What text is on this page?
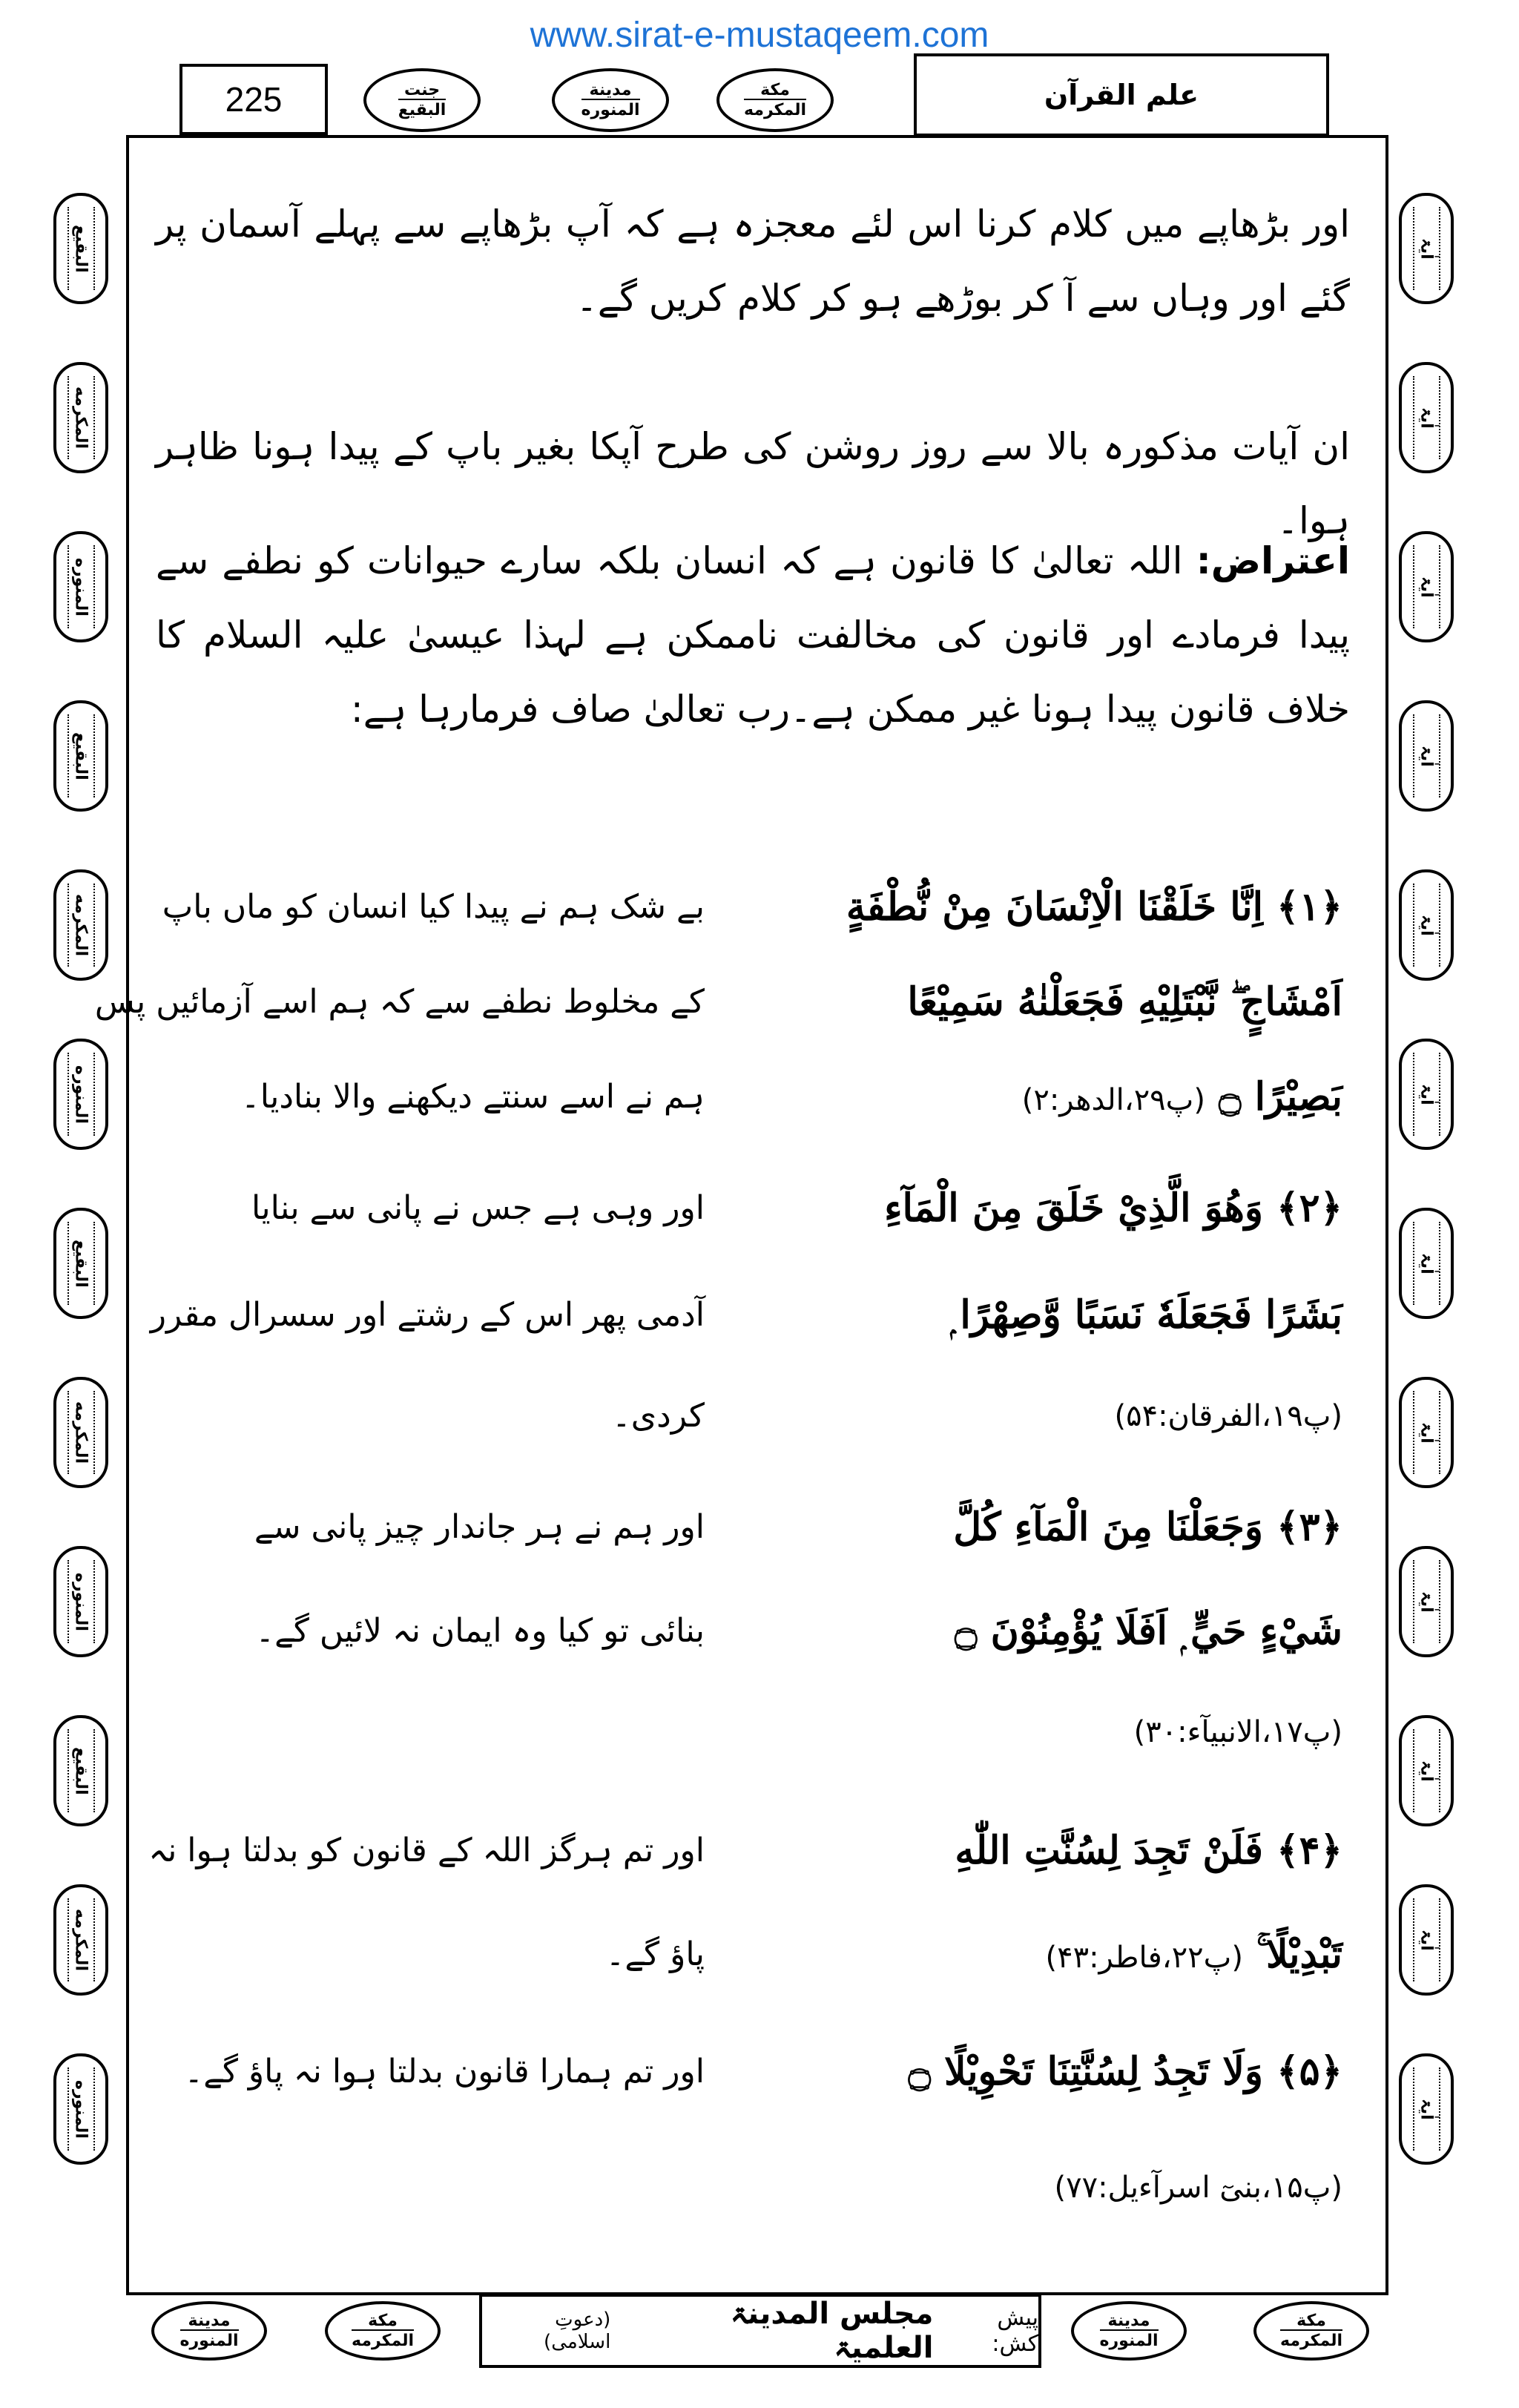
www.sirat-e-mustaqeem.com
225	جنت
البقيع
مدينة
المنوره
مكة
المكرمه	علم القرآن
البقيع
المكرمه
المنوره
البقيع
المكرمه
المنوره
البقيع
المكرمه
المنوره
البقيع
المكرمه
المنوره
اٰیۃ
اٰیۃ
اٰیۃ
اٰیۃ
اٰیۃ
اٰیۃ
اٰیۃ
اٰیۃ
اٰیۃ
اٰیۃ
اٰیۃ
اٰیۃ
اور بڑھاپے میں کلام کرنا اس لئے معجزہ ہے کہ آپ بڑھاپے سے پہلے آسمان پر گئے اور وہاں سے آ کر بوڑھے ہو کر کلام کریں گے۔
ان آیات مذکورہ بالا سے روز روشن کی طرح آپکا بغیر باپ کے پیدا ہونا ظاہر ہوا۔
اعتراض: اللہ تعالیٰ کا قانون ہے کہ انسان بلکہ سارے حیوانات کو نطفے سے پیدا فرمادے اور قانون کی مخالفت ناممکن ہے لہذا عیسیٰ علیہ السلام کا خلاف قانون پیدا ہونا غیر ممکن ہے۔رب تعالیٰ صاف فرمارہا ہے:
﴿۱﴾ اِنَّا خَلَقْنَا الْاِنْسَانَ مِنْ نُّطْفَةٍ
اَمْشَاجٍ ۖ نَّبْتَلِيْهِ فَجَعَلْنٰهُ سَمِيْعًا
بَصِيْرًا ۝ (پ۲۹،الدھر:۲)
بے شک ہم نے پیدا کیا انسان کو ماں باپ
کے مخلوط نطفے سے کہ ہم اسے آزمائیں پس
ہم نے اسے سنتے دیکھنے والا بنادیا۔
﴿۲﴾ وَهُوَ الَّذِيْ خَلَقَ مِنَ الْمَآءِ
بَشَرًا فَجَعَلَهٗ نَسَبًا وَّصِهْرًا ۭ
(پ۱۹،الفرقان:۵۴)
اور وہی ہے جس نے پانی سے بنایا
آدمی پھر اس کے رشتے اور سسرال مقرر
کردی۔
﴿۳﴾ وَجَعَلْنَا مِنَ الْمَآءِ كُلَّ
شَيْءٍ حَيٍّ ۭ اَفَلَا يُؤْمِنُوْنَ ۝
(پ۱۷،الانبیآء:۳۰)
اور ہم نے ہر جاندار چیز پانی سے
بنائی تو کیا وہ ایمان نہ لائیں گے۔
﴿۴﴾ فَلَنْ تَجِدَ لِسُنَّتِ اللّٰهِ
تَبْدِيْلًا ۚ (پ۲۲،فاطر:۴۳)
اور تم ہرگز اللہ کے قانون کو بدلتا ہوا نہ
پاؤ گے۔
﴿۵﴾ وَلَا تَجِدُ لِسُنَّتِنَا تَحْوِيْلًا ۝
(پ۱۵،بنیٓ اسرآءیل:۷۷)
اور تم ہمارا قانون بدلتا ہوا نہ پاؤ گے۔
مدينة
المنوره
مكة
المكرمه
پیش کش:
مجلس المدینۃ العلمیۃ
(دعوتِ اسلامی)
مدينة
المنوره
مكة
المكرمه
